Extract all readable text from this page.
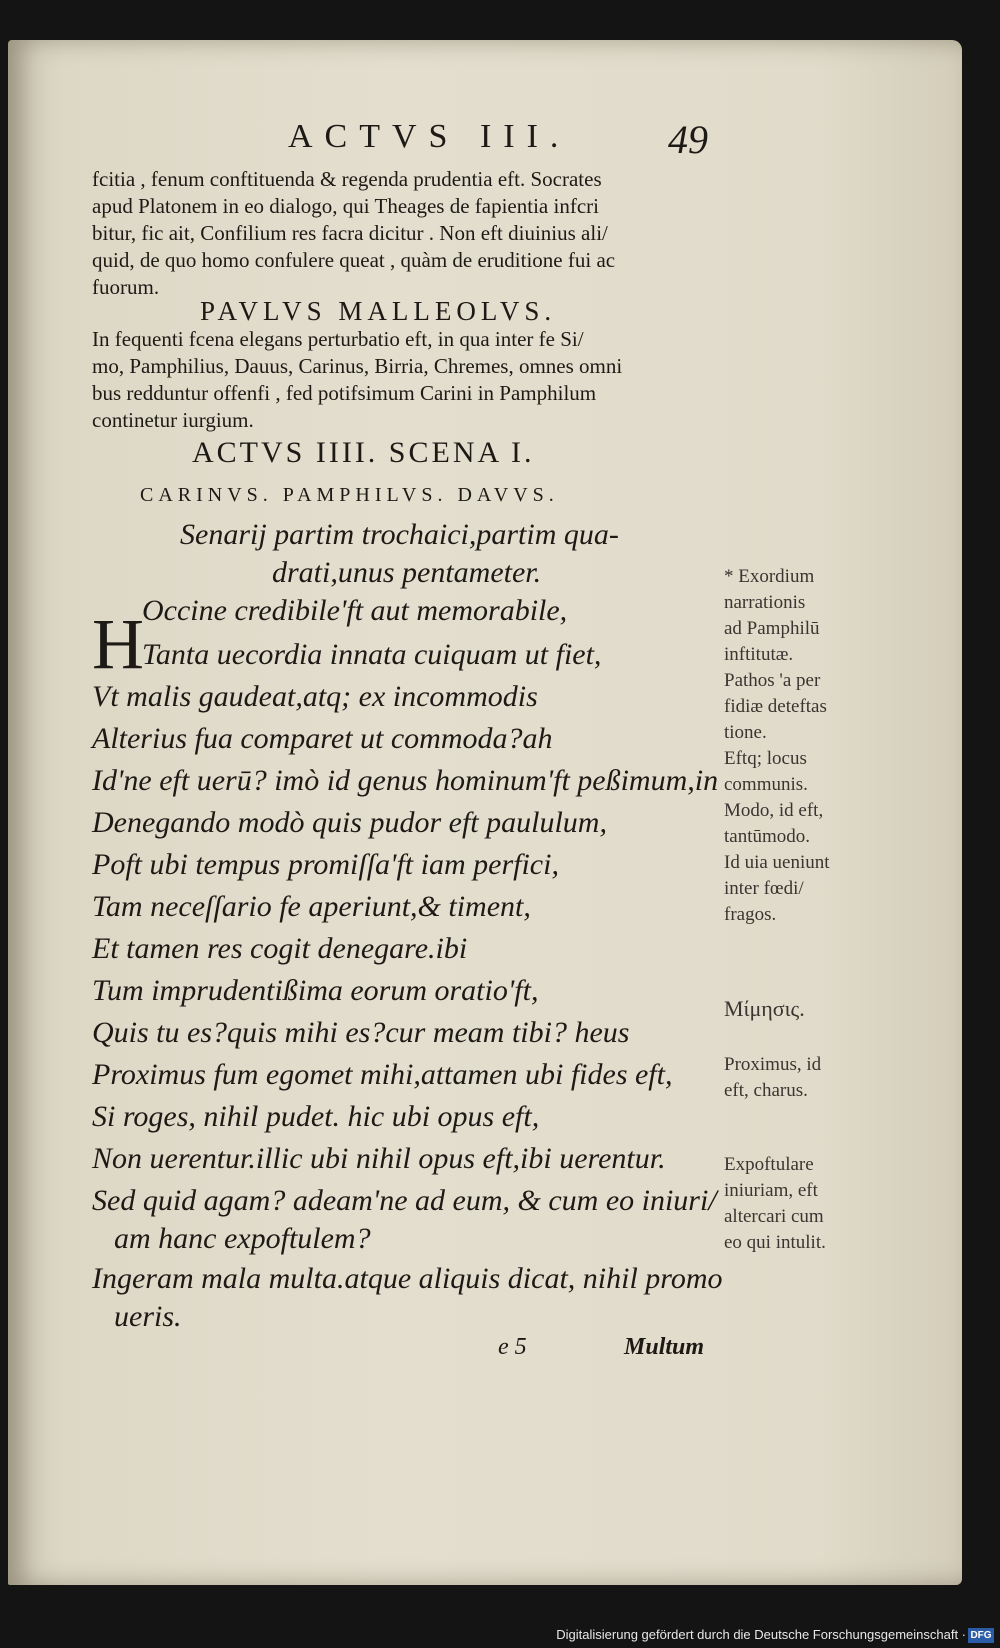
ACTVS III. 49
fcitia , fenum conftituenda & regenda prudentia eft. Socrates
apud Platonem in eo dialogo, qui Theages de fapientia infcri
bitur, fic ait, Confilium res facra dicitur . Non eft diuinius ali/
quid, de quo homo confulere queat , quàm de eruditione fui ac
fuorum.
PAVLVS MALLEOLVS.
In fequenti fcena elegans perturbatio eft, in qua inter fe Si/
mo, Pamphilius, Dauus, Carinus, Birria, Chremes, omnes omni
bus redduntur offenfi , fed potifsimum Carini in Pamphilum
continetur iurgium.
ACTVS IIII. SCENA I.
CARINVS. PAMPHILVS. DAVVS.
Senarij partim trochaici,partim qua-
drati,unus pentameter.
H
Occine credibile'ft aut memorabile,
Tanta uecordia innata cuiquam ut fiet,
Vt malis gaudeat,atq; ex incommodis
Alterius fua comparet ut commoda?ah
Id'ne eft uerū? imò id genus hominum'ft peßimum,in
Denegando modò quis pudor eft paululum,
Poft ubi tempus promiſſa'ft iam perfici,
Tam neceſſario fe aperiunt,& timent,
Et tamen res cogit denegare.ibi
Tum imprudentißima eorum oratio'ft,
Quis tu es?quis mihi es?cur meam tibi? heus
Proximus fum egomet mihi,attamen ubi fides eft,
Si roges, nihil pudet. hic ubi opus eft,
Non uerentur.illic ubi nihil opus eft,ibi uerentur.
Sed quid agam? adeam'ne ad eum, & cum eo iniuri/
am hanc expoftulem?
Ingeram mala multa.atque aliquis dicat, nihil promo
ueris.
e 5	Multum
* Exordium
narrationis
ad Pamphilū
inftitutæ.
Pathos 'a per
fidiæ deteftas
tione.
Eftq; locus
communis.
Modo, id eft,
tantūmodo.
Id uia ueniunt
inter fœdi/
fragos.
Mίμησις.
Proximus, id
eft, charus.
Expoftulare
iniuriam, eft
altercari cum
eo qui intulit.
Digitalisierung gefördert durch die Deutsche Forschungsgemeinschaft · DFG
